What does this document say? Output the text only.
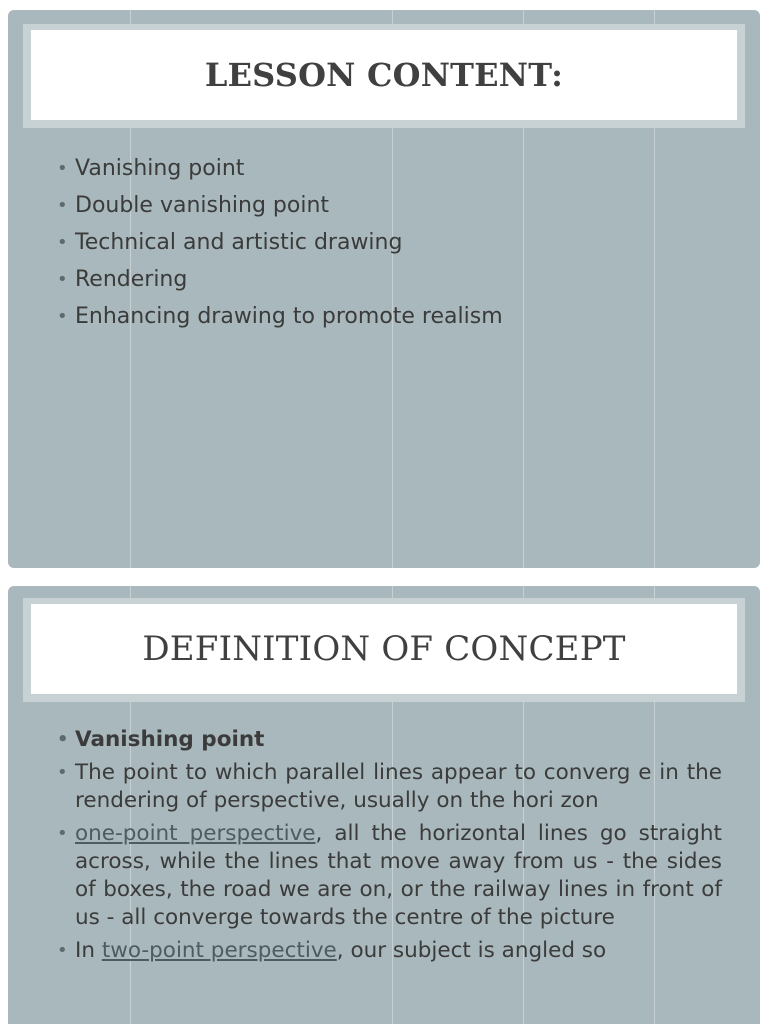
LESSON CONTENT:
• Vanishing point
• Double vanishing point
• Technical and artistic drawing
• Rendering
• Enhancing drawing to promote realism
DEFINITION OF CONCEPT
• Vanishing point
• The point to which parallel lines appear to converg e in the rendering of perspective, usually on the hori zon
• one-point perspective, all the horizontal lines go straight across, while the lines that move away from us - the sides of boxes, the road we are on, or the railway lines in front of us - all converge towards the centre of the picture
• In two-point perspective, our subject is angled so
